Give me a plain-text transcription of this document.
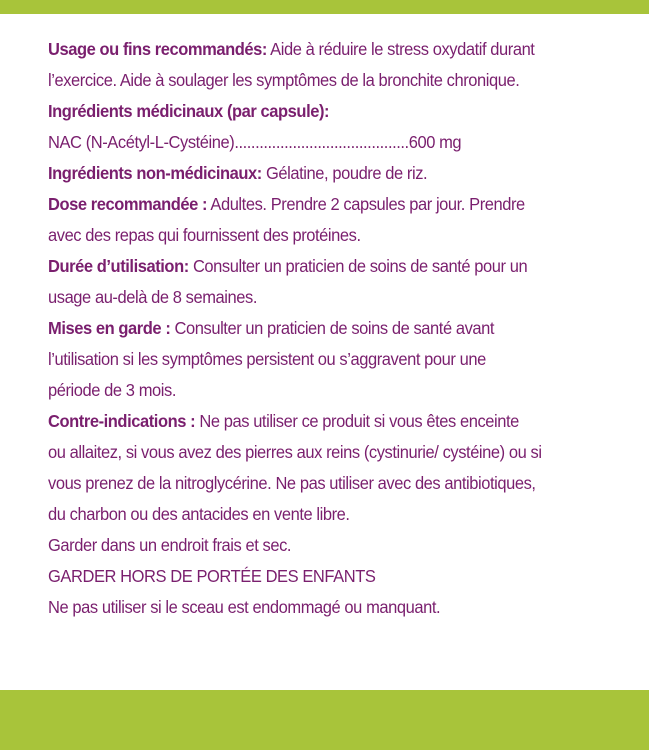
Usage ou fins recommandés: Aide à réduire le stress oxydatif durant

l’exercice. Aide à soulager les symptômes de la bronchite chronique.

Ingrédients médicinaux (par capsule):

NAC (N-Acétyl-L-Cystéine)..........................................600 mg

Ingrédients non-médicinaux: Gélatine, poudre de riz.

Dose recommandée : Adultes. Prendre 2 capsules par jour. Prendre

avec des repas qui fournissent des protéines.

Durée d’utilisation: Consulter un praticien de soins de santé pour un

usage au-delà de 8 semaines.

Mises en garde : Consulter un praticien de soins de santé avant

l’utilisation si les symptômes persistent ou s’aggravent pour une

période de 3 mois.

Contre-indications : Ne pas utiliser ce produit si vous êtes enceinte

ou allaitez, si vous avez des pierres aux reins (cystinurie/ cystéine) ou si

vous prenez de la nitroglycérine. Ne pas utiliser avec des antibiotiques,

du charbon ou des antacides en vente libre.

Garder dans un endroit frais et sec.

GARDER HORS DE PORTÉE DES ENFANTS

Ne pas utiliser si le sceau est endommagé ou manquant.
